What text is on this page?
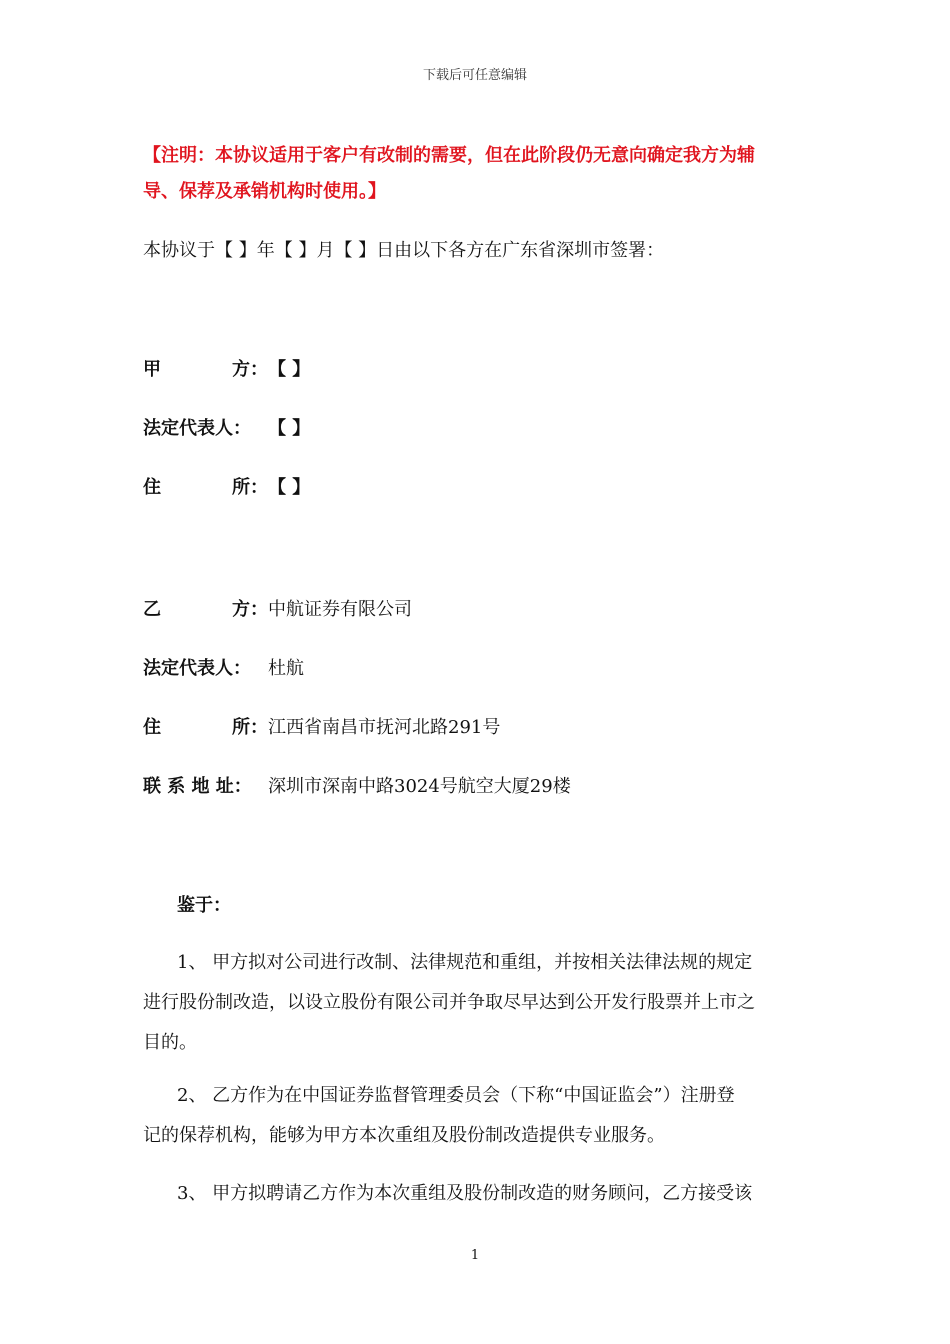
下载后可任意编辑
【注明：本协议适用于客户有改制的需要，但在此阶段仍无意向确定我方为辅
导、保荐及承销机构时使用。】
本协议于【 】年【 】月【 】日由以下各方在广东省深圳市签署：
甲	方： 【 】
法定代表人： 【 】
住	所： 【 】
乙	方： 中航证券有限公司
法定代表人： 杜航
住	所： 江西省南昌市抚河北路291号
联 系 地 址： 深圳市深南中路3024号航空大厦29楼
鉴于：
1、 甲方拟对公司进行改制、法律规范和重组，并按相关法律法规的规定
进行股份制改造，以设立股份有限公司并争取尽早达到公开发行股票并上市之
目的。
2、 乙方作为在中国证券监督管理委员会（下称“中国证监会”）注册登
记的保荐机构，能够为甲方本次重组及股份制改造提供专业服务。
3、 甲方拟聘请乙方作为本次重组及股份制改造的财务顾问，乙方接受该
1
